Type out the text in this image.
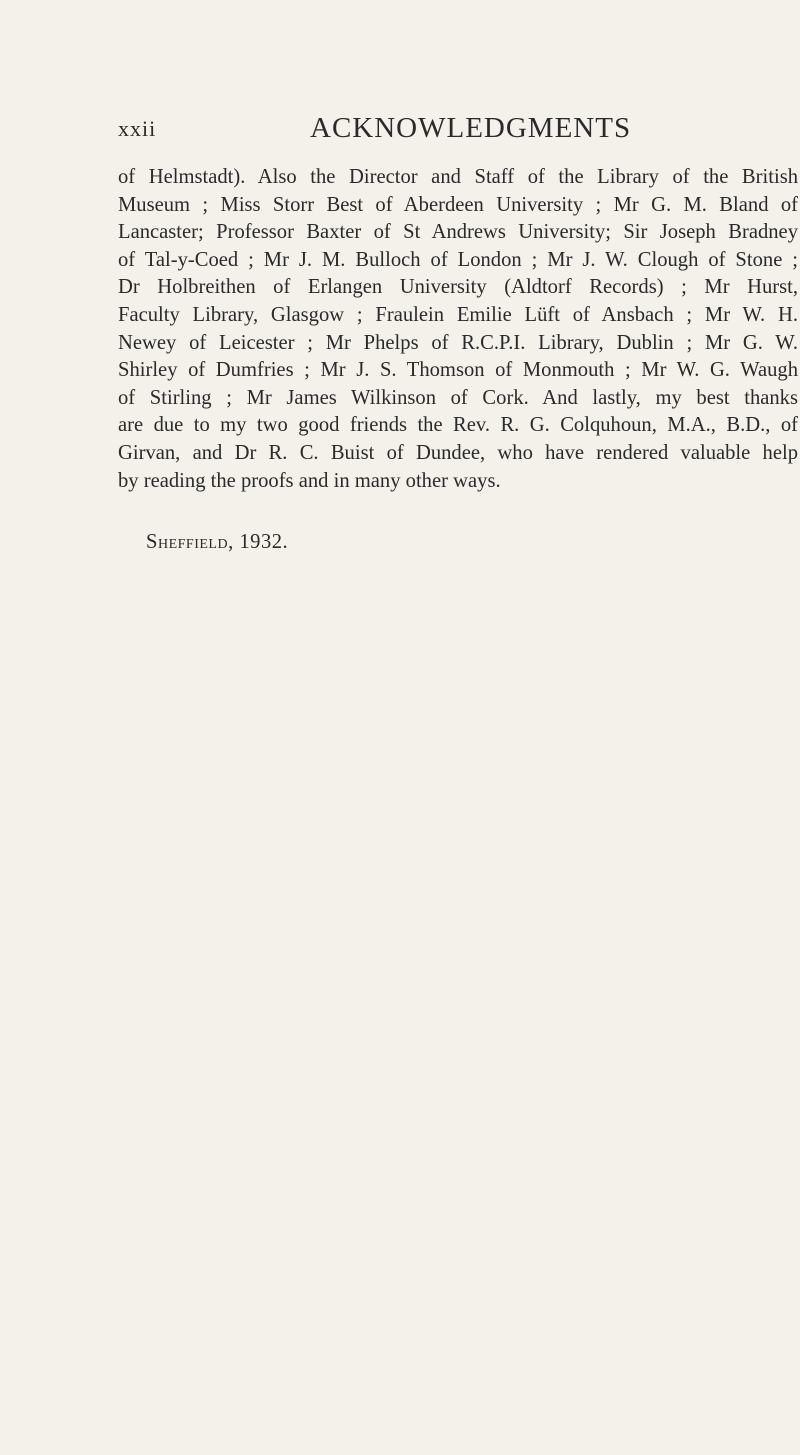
xxii	ACKNOWLEDGMENTS
of Helmstadt). Also the Director and Staff of the Library of the British
Museum ; Miss Storr Best of Aberdeen University ; Mr G. M. Bland of
Lancaster; Professor Baxter of St Andrews University; Sir Joseph Bradney
of Tal-y-Coed ; Mr J. M. Bulloch of London ; Mr J. W. Clough of Stone ;
Dr Holbreithen of Erlangen University (Aldtorf Records) ; Mr Hurst,
Faculty Library, Glasgow ; Fraulein Emilie Lüft of Ansbach ; Mr W. H.
Newey of Leicester ; Mr Phelps of R.C.P.I. Library, Dublin ; Mr G. W.
Shirley of Dumfries ; Mr J. S. Thomson of Monmouth ; Mr W. G. Waugh
of Stirling ; Mr James Wilkinson of Cork. And lastly, my best thanks
are due to my two good friends the Rev. R. G. Colquhoun, M.A., B.D., of
Girvan, and Dr R. C. Buist of Dundee, who have rendered valuable help
by reading the proofs and in many other ways.
Sheffield, 1932.
